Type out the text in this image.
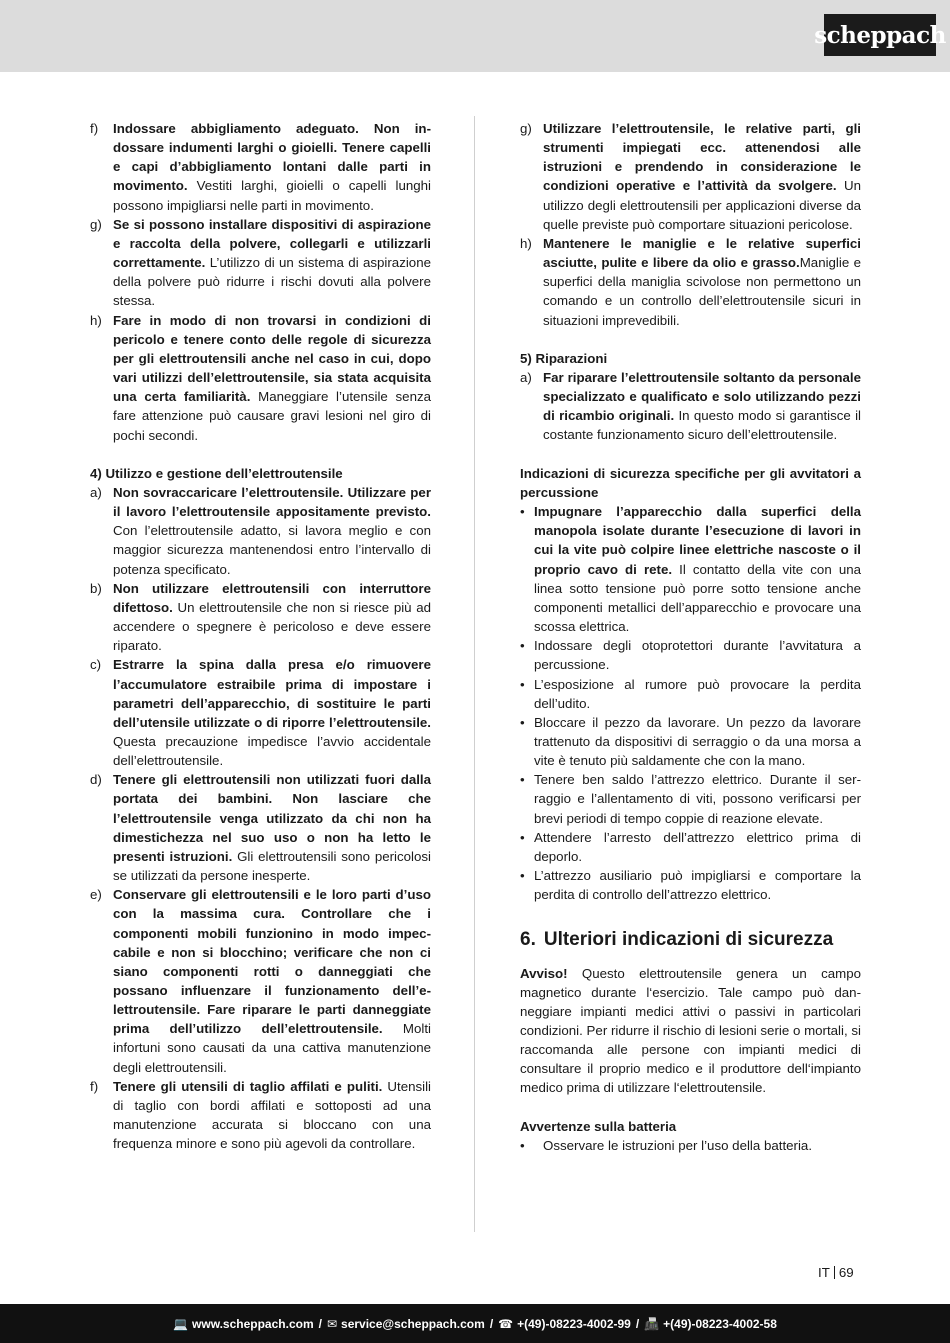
scheppach
f) Indossare abbigliamento adeguato. Non indossare indumenti larghi o gioielli. Tenere capelli e capi d’abbigliamento lontani dalle parti in movimento. Vestiti larghi, gioielli o capelli lunghi possono impigliarsi nelle parti in movimento.
g) Se si possono installare dispositivi di aspirazione e raccolta della polvere, collegarli e utilizzarli correttamente. L’utilizzo di un sistema di aspirazione della polvere può ridurre i rischi dovuti alla polvere stessa.
h) Fare in modo di non trovarsi in condizioni di pericolo e tenere conto delle regole di sicurezza per gli elettroutensili anche nel caso in cui, dopo vari utilizzi dell’elettroutensile, sia stata acquisita una certa familiarità. Maneggiare l’utensile senza fare attenzione può causare gravi lesioni nel giro di pochi secondi.
4) Utilizzo e gestione dell’elettroutensile
a) Non sovraccaricare l’elettroutensile. Utilizzare per il lavoro l’elettroutensile appositamente previsto. Con l’elettroutensile adatto, si lavora meglio e con maggior sicurezza mantenendosi entro l’intervallo di potenza specificato.
b) Non utilizzare elettroutensili con interruttore difettoso. Un elettroutensile che non si riesce più ad accendere o spegnere è pericoloso e deve essere riparato.
c) Estrarre la spina dalla presa e/o rimuovere l’accumulatore estraibile prima di impostare i parametri dell’apparecchio, di sostituire le parti dell’utensile utilizzate o di riporre l’elettroutensile. Questa precauzione impedisce l’avvio accidentale dell’elettroutensile.
d) Tenere gli elettroutensili non utilizzati fuori dalla portata dei bambini. Non lasciare che l’elettroutensile venga utilizzato da chi non ha dimestichezza nel suo uso o non ha letto le presenti istruzioni. Gli elettroutensili sono pericolosi se utilizzati da persone inesperte.
e) Conservare gli elettroutensili e le loro parti d’uso con la massima cura. Controllare che i componenti mobili funzionino in modo impeccabile e non si blocchino; verificare che non ci siano componenti rotti o danneggiati che possano influenzare il funzionamento dell’elettroutensile. Fare riparare le parti danneggiate prima dell’utilizzo dell’elettroutensile. Molti infortuni sono causati da una cattiva manutenzione degli elettroutensili.
f) Tenere gli utensili di taglio affilati e puliti. Utensili di taglio con bordi affilati e sottoposti ad una manutenzione accurata si bloccano con una frequenza minore e sono più agevoli da controllare.
g) Utilizzare l’elettroutensile, le relative parti, gli strumenti impiegati ecc. attenendosi alle istruzioni e prendendo in considerazione le condizioni operative e l’attività da svolgere. Un utilizzo degli elettroutensili per applicazioni diverse da quelle previste può comportare situazioni pericolose.
h) Mantenere le maniglie e le relative superfici asciutte, pulite e libere da olio e grasso.Maniglie e superfici della maniglia scivolose non permettono un comando e un controllo dell’elettroutensile sicuri in situazioni imprevedibili.
5) Riparazioni
a) Far riparare l’elettroutensile soltanto da personale specializzato e qualificato e solo utilizzando pezzi di ricambio originali. In questo modo si garantisce il costante funzionamento sicuro dell’elettroutensile.
Indicazioni di sicurezza specifiche per gli avvitatori a percussione
• Impugnare l’apparecchio dalla superfici della manopola isolate durante l’esecuzione di lavori in cui la vite può colpire linee elettriche nascoste o il proprio cavo di rete. Il contatto della vite con una linea sotto tensione può porre sotto tensione anche componenti metallici dell’apparecchio e provocare una scossa elettrica.
• Indossare degli otoprotettori durante l’avvitatura a percussione.
• L’esposizione al rumore può provocare la perdita dell’udito.
• Bloccare il pezzo da lavorare. Un pezzo da lavorare trattenuto da dispositivi di serraggio o da una morsa a vite è tenuto più saldamente che con la mano.
• Tenere ben saldo l’attrezzo elettrico. Durante il serraggio e l’allentamento di viti, possono verificarsi per brevi periodi di tempo coppie di reazione elevate.
• Attendere l’arresto dell’attrezzo elettrico prima di deporlo.
• L’attrezzo ausiliario può impigliarsi e comportare la perdita di controllo dell’attrezzo elettrico.
6. Ulteriori indicazioni di sicurezza
Avviso! Questo elettroutensile genera un campo magnetico durante l‘esercizio. Tale campo può danneggiare impianti medici attivi o passivi in particolari condizioni. Per ridurre il rischio di lesioni serie o mortali, si raccomanda alle persone con impianti medici di consultare il proprio medico e il produttore dell‘impianto medico prima di utilizzare l‘elettroutensile.
Avvertenze sulla batteria
• Osservare le istruzioni per l’uso della batteria.
IT 69
💻 www.scheppach.com / ✉ service@scheppach.com / ☎ +(49)-08223-4002-99 / 📠 +(49)-08223-4002-58
